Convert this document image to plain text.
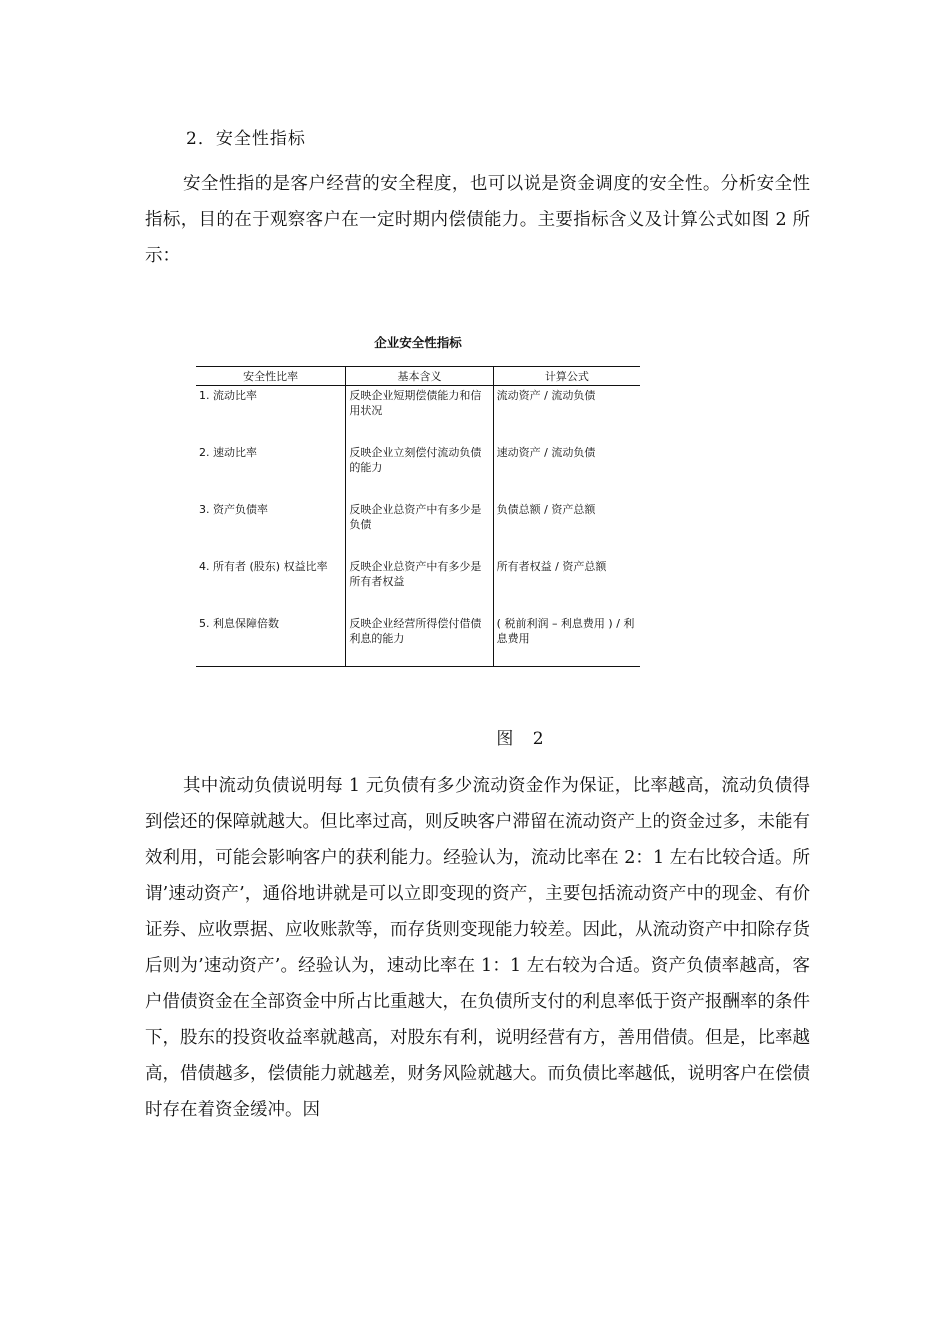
2．安全性指标

安全性指的是客户经营的安全程度，也可以说是资金调度的安全性。分析安全性指标，目的在于观察客户在一定时期内偿债能力。主要指标含义及计算公式如图 2 所示：

企业安全性指标
安全性比率	基本含义	计算公式
1. 流动比率	反映企业短期偿债能力和信用状况	流动资产 / 流动负债
2. 速动比率	反映企业立刻偿付流动负债的能力	速动资产 / 流动负债
3. 资产负债率	反映企业总资产中有多少是负债	负债总额 / 资产总额
4. 所有者 (股东) 权益比率	反映企业总资产中有多少是所有者权益	所有者权益 / 资产总额
5. 利息保障倍数	反映企业经营所得偿付借债利息的能力	( 税前利润 – 利息费用 ) / 利息费用
图 2

其中流动负债说明每 1 元负债有多少流动资金作为保证，比率越高，流动负债得到偿还的保障就越大。但比率过高，则反映客户滞留在流动资产上的资金过多，未能有效利用，可能会影响客户的获利能力。经验认为，流动比率在 2：1 左右比较合适。所谓’速动资产’，通俗地讲就是可以立即变现的资产，主要包括流动资产中的现金、有价证券、应收票据、应收账款等，而存货则变现能力较差。因此，从流动资产中扣除存货后则为’速动资产’。经验认为，速动比率在 1：1 左右较为合适。资产负债率越高，客户借债资金在全部资金中所占比重越大，在负债所支付的利息率低于资产报酬率的条件下，股东的投资收益率就越高，对股东有利，说明经营有方，善用借债。但是，比率越高，借债越多，偿债能力就越差，财务风险就越大。而负债比率越低，说明客户在偿债时存在着资金缓冲。因
